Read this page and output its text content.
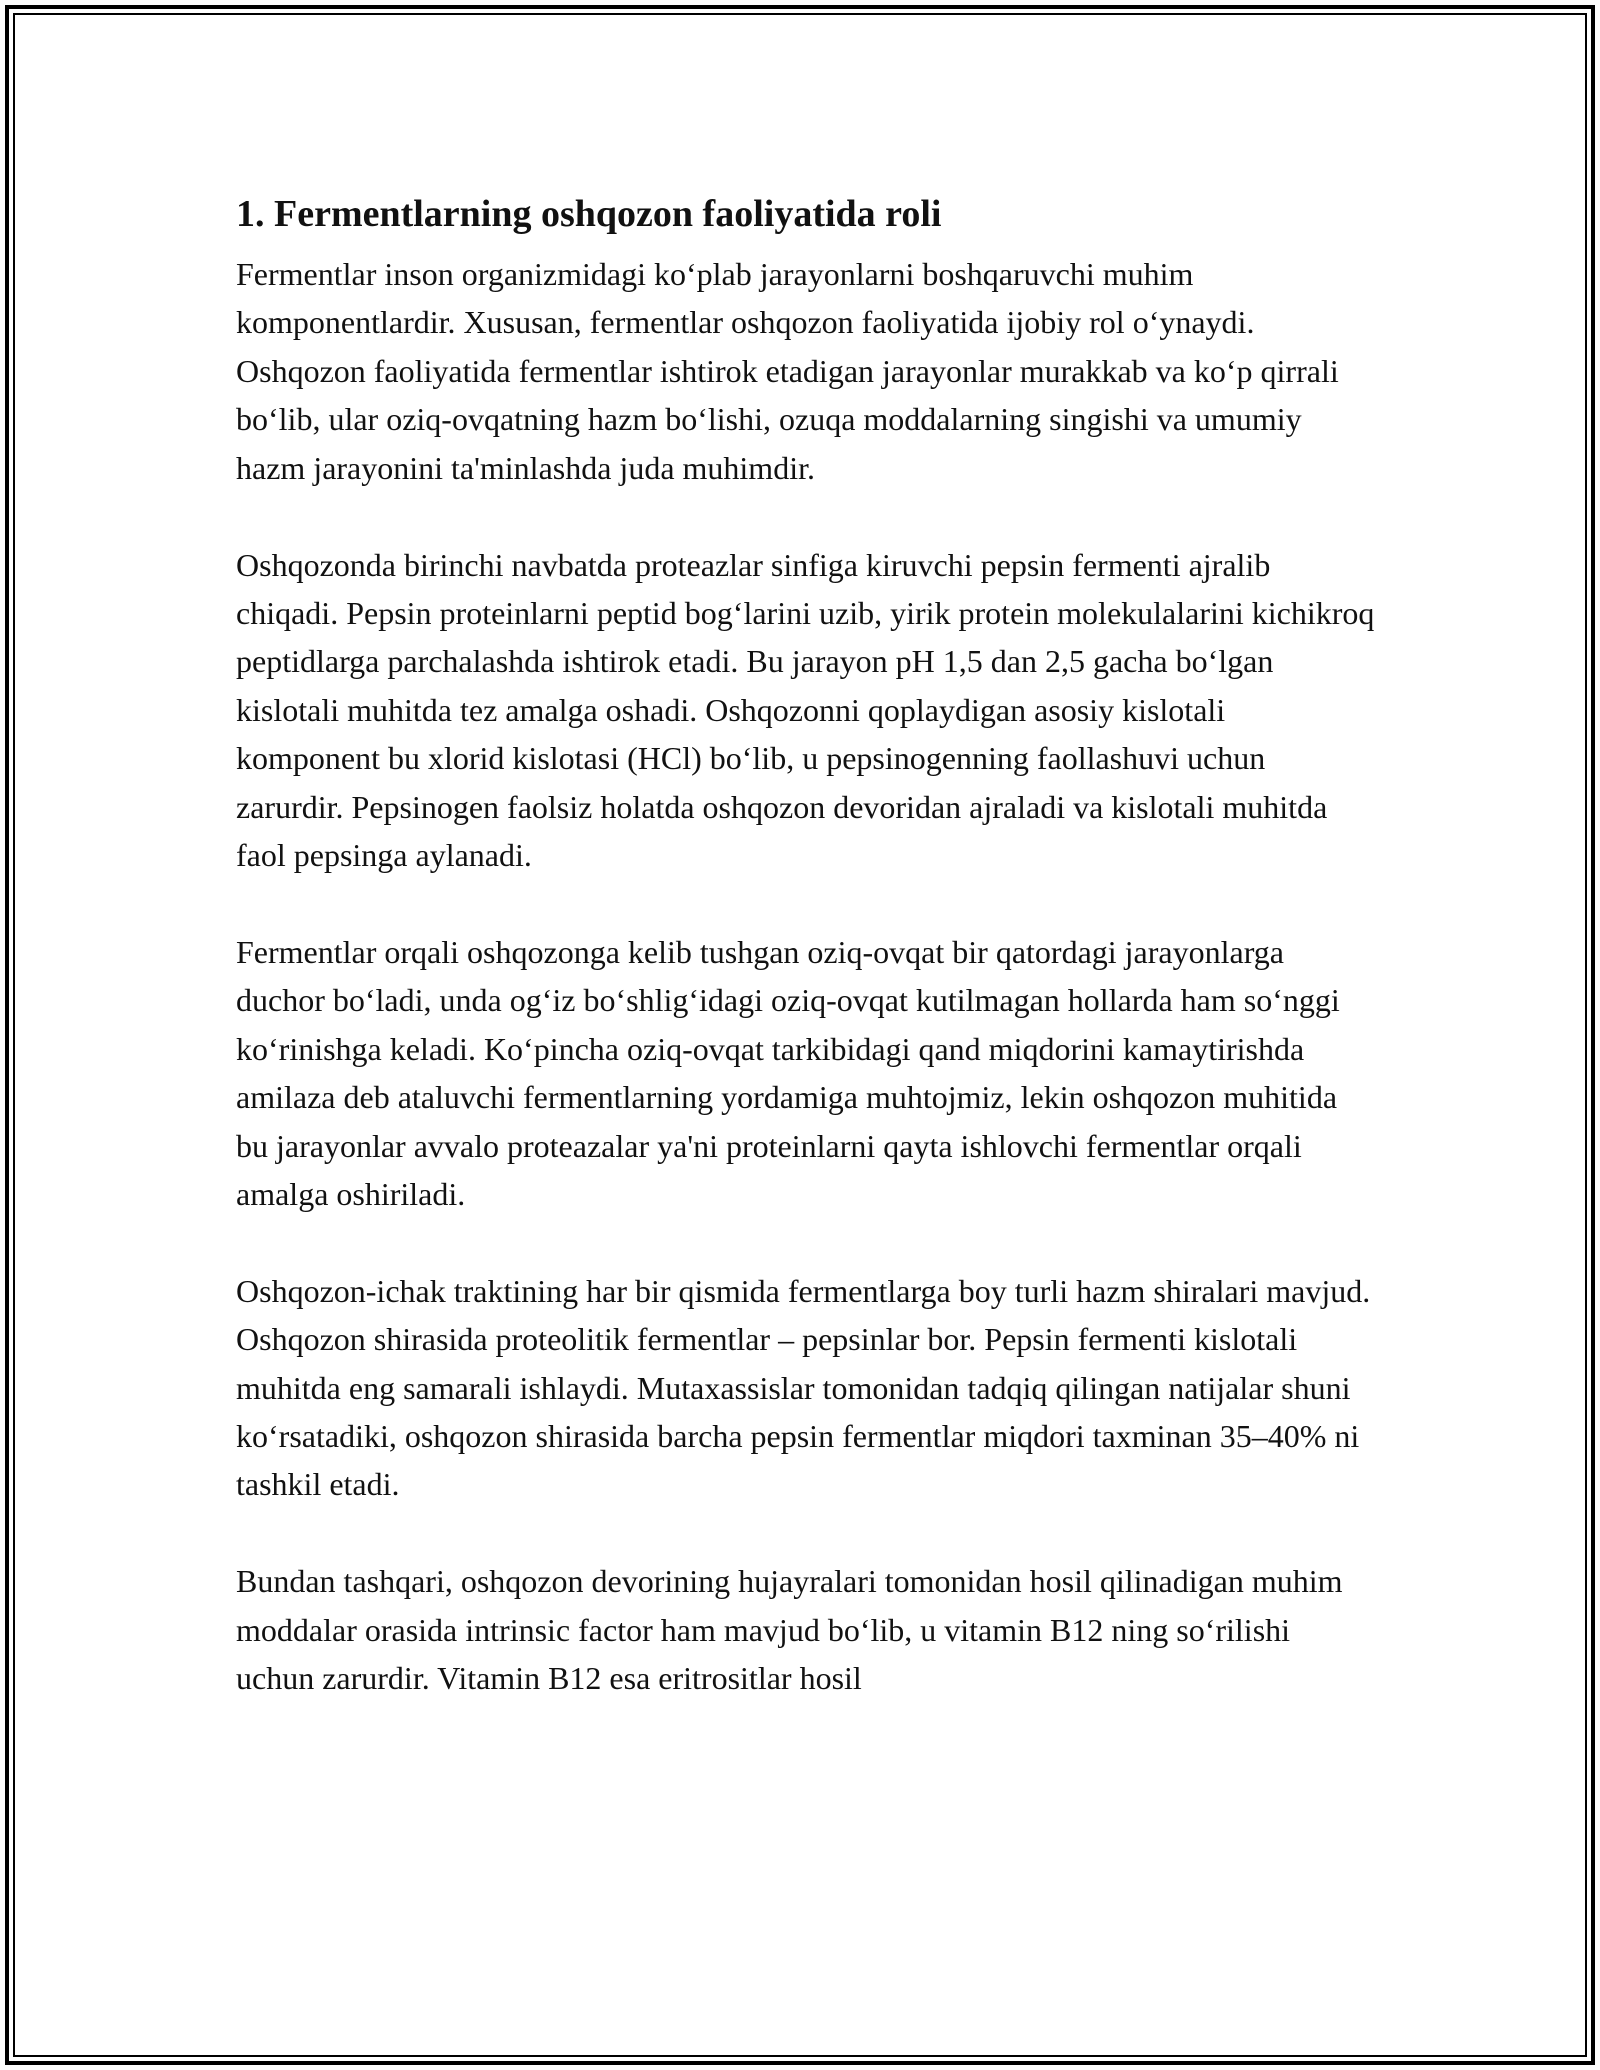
1. Fermentlarning oshqozon faoliyatida roli

Fermentlar inson organizmidagi ko‘plab jarayonlarni boshqaruvchi muhim komponentlardir. Xususan, fermentlar oshqozon faoliyatida ijobiy rol o‘ynaydi. Oshqozon faoliyatida fermentlar ishtirok etadigan jarayonlar murakkab va ko‘p qirrali bo‘lib, ular oziq-ovqatning hazm bo‘lishi, ozuqa moddalarning singishi va umumiy hazm jarayonini ta'minlashda juda muhimdir.

Oshqozonda birinchi navbatda proteazlar sinfiga kiruvchi pepsin fermenti ajralib chiqadi. Pepsin proteinlarni peptid bog‘larini uzib, yirik protein molekulalarini kichikroq peptidlarga parchalashda ishtirok etadi. Bu jarayon pH 1,5 dan 2,5 gacha bo‘lgan kislotali muhitda tez amalga oshadi. Oshqozonni qoplaydigan asosiy kislotali komponent bu xlorid kislotasi (HCl) bo‘lib, u pepsinogenning faollashuvi uchun zarurdir. Pepsinogen faolsiz holatda oshqozon devoridan ajraladi va kislotali muhitda faol pepsinga aylanadi.

Fermentlar orqali oshqozonga kelib tushgan oziq-ovqat bir qatordagi jarayonlarga duchor bo‘ladi, unda og‘iz bo‘shlig‘idagi oziq-ovqat kutilmagan hollarda ham so‘nggi ko‘rinishga keladi. Ko‘pincha oziq-ovqat tarkibidagi qand miqdorini kamaytirishda amilaza deb ataluvchi fermentlarning yordamiga muhtojmiz, lekin oshqozon muhitida bu jarayonlar avvalo proteazalar ya'ni proteinlarni qayta ishlovchi fermentlar orqali amalga oshiriladi.

Oshqozon-ichak traktining har bir qismida fermentlarga boy turli hazm shiralari mavjud. Oshqozon shirasida proteolitik fermentlar – pepsinlar bor. Pepsin fermenti kislotali muhitda eng samarali ishlaydi. Mutaxassislar tomonidan tadqiq qilingan natijalar shuni ko‘rsatadiki, oshqozon shirasida barcha pepsin fermentlar miqdori taxminan 35–40% ni tashkil etadi.

Bundan tashqari, oshqozon devorining hujayralari tomonidan hosil qilinadigan muhim moddalar orasida intrinsic factor ham mavjud bo‘lib, u vitamin B12 ning so‘rilishi uchun zarurdir. Vitamin B12 esa eritrositlar hosil
